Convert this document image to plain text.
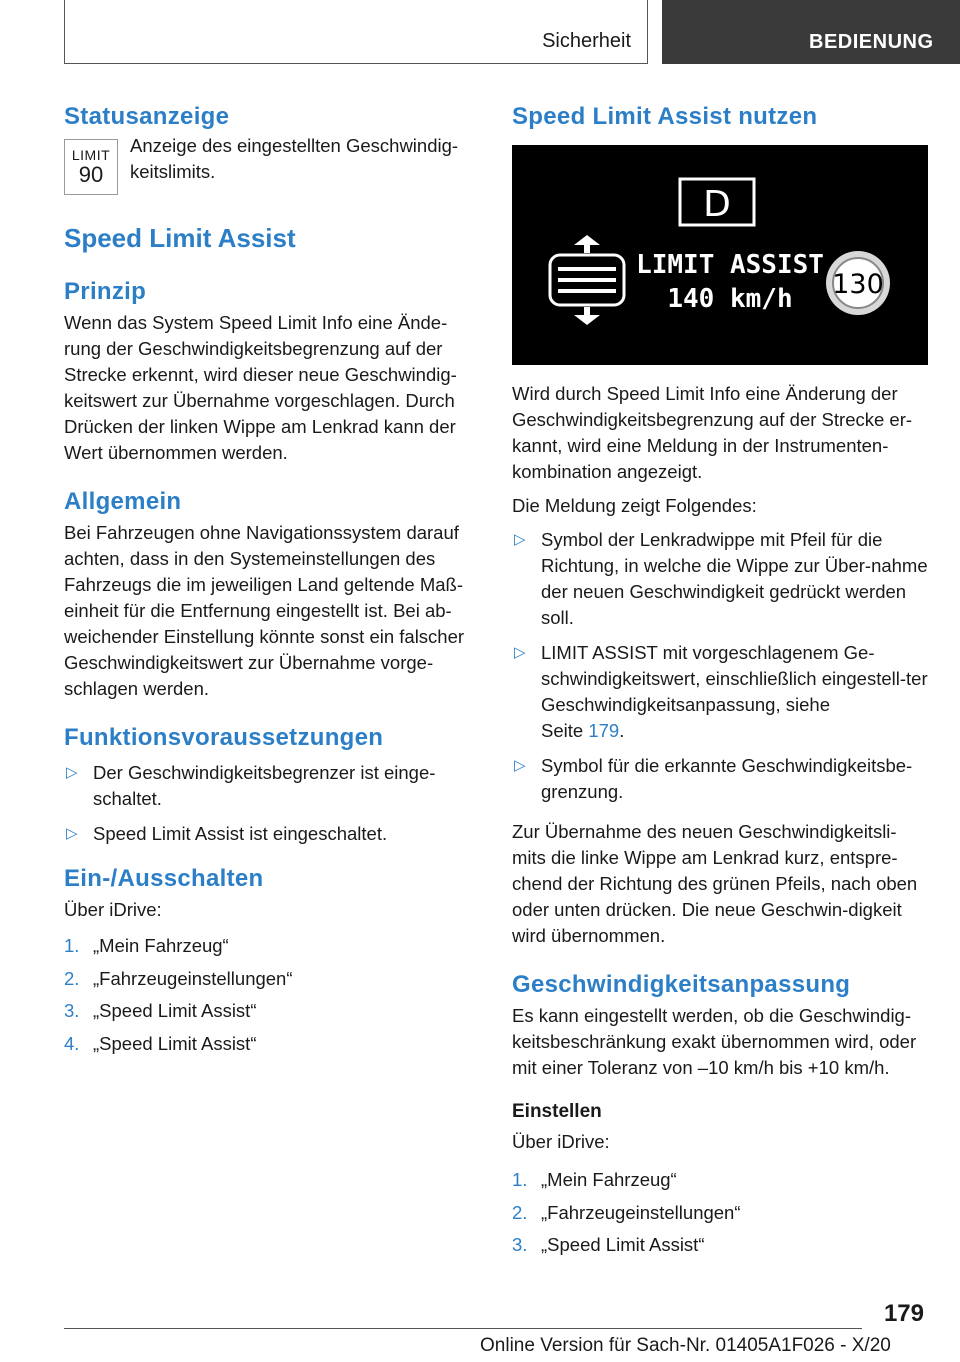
Sicherheit	BEDIENUNG
Statusanzeige
LIMIT
90

Anzeige des eingestellten Geschwindig‐keitslimits.

Speed Limit Assist
Prinzip

Wenn das System Speed Limit Info eine Ände‐rung der Geschwindigkeitsbegrenzung auf der Strecke erkennt, wird dieser neue Geschwindig‐keitswert zur Übernahme vorgeschlagen. Durch Drücken der linken Wippe am Lenkrad kann der Wert übernommen werden.

Allgemein

Bei Fahrzeugen ohne Navigationssystem darauf achten, dass in den Systemeinstellungen des Fahrzeugs die im jeweiligen Land geltende Maß‐einheit für die Entfernung eingestellt ist. Bei ab‐weichender Einstellung könnte sonst ein falscher Geschwindigkeitswert zur Übernahme vorge‐schlagen werden.

Funktionsvoraussetzungen
▷ Der Geschwindigkeitsbegrenzer ist einge‐schaltet.
▷ Speed Limit Assist ist eingeschaltet.
Ein-/Ausschalten

Über iDrive:

1. „Mein Fahrzeug“
2. „Fahrzeugeinstellungen“
3. „Speed Limit Assist“
4. „Speed Limit Assist“
Speed Limit Assist nutzen
D
LIMIT ASSIST
140 km/h 130

Wird durch Speed Limit Info eine Änderung der Geschwindigkeitsbegrenzung auf der Strecke er‐kannt, wird eine Meldung in der Instrumenten‐kombination angezeigt.

Die Meldung zeigt Folgendes:

▷ Symbol der Lenkradwippe mit Pfeil für die Richtung, in welche die Wippe zur Über‐nahme der neuen Geschwindigkeit gedrückt werden soll.
▷ LIMIT ASSIST mit vorgeschlagenem Ge‐schwindigkeitswert, einschließlich eingestell‐ter Geschwindigkeitsanpassung, siehe
Seite 179.
▷ Symbol für die erkannte Geschwindigkeitsbe‐grenzung.

Zur Übernahme des neuen Geschwindigkeitsli‐mits die linke Wippe am Lenkrad kurz, entspre‐chend der Richtung des grünen Pfeils, nach oben oder unten drücken. Die neue Geschwin‐digkeit wird übernommen.

Geschwindigkeitsanpassung

Es kann eingestellt werden, ob die Geschwindig‐keitsbeschränkung exakt übernommen wird, oder mit einer Toleranz von –10 km/h bis +10 km/h.

Einstellen

Über iDrive:

1. „Mein Fahrzeug“
2. „Fahrzeugeinstellungen“
3. „Speed Limit Assist“
179
Online Version für Sach-Nr. 01405A1F026 - X/20
